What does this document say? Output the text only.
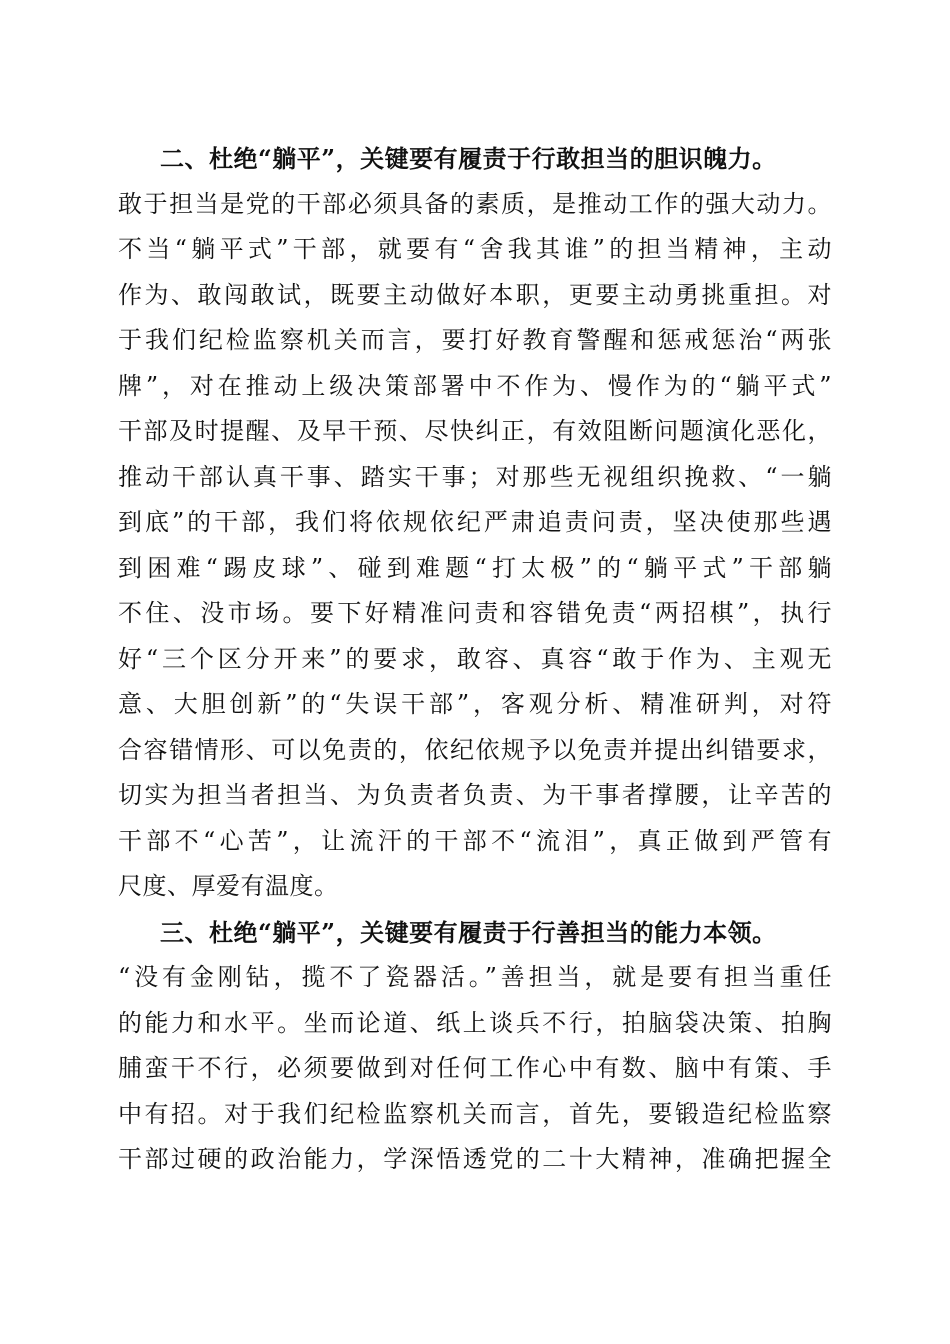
二、杜绝“躺平”，关键要有履责于行敢担当的胆识魄力。
敢于担当是党的干部必须具备的素质，是推动工作的强大动力。
不当“躺平式”干部，就要有“舍我其谁”的担当精神，主动
作为、敢闯敢试，既要主动做好本职，更要主动勇挑重担。对
于我们纪检监察机关而言，要打好教育警醒和惩戒惩治“两张
牌”，对在推动上级决策部署中不作为、慢作为的“躺平式”
干部及时提醒、及早干预、尽快纠正，有效阻断问题演化恶化，
推动干部认真干事、踏实干事；对那些无视组织挽救、“一躺
到底”的干部，我们将依规依纪严肃追责问责，坚决使那些遇
到困难“踢皮球”、碰到难题“打太极”的“躺平式”干部躺
不住、没市场。要下好精准问责和容错免责“两招棋”，执行
好“三个区分开来”的要求，敢容、真容“敢于作为、主观无
意、大胆创新”的“失误干部”，客观分析、精准研判，对符
合容错情形、可以免责的，依纪依规予以免责并提出纠错要求，
切实为担当者担当、为负责者负责、为干事者撑腰，让辛苦的
干部不“心苦”，让流汗的干部不“流泪”，真正做到严管有
尺度、厚爱有温度。
三、杜绝“躺平”，关键要有履责于行善担当的能力本领。
“没有金刚钻，揽不了瓷器活。”善担当，就是要有担当重任
的能力和水平。坐而论道、纸上谈兵不行，拍脑袋决策、拍胸
脯蛮干不行，必须要做到对任何工作心中有数、脑中有策、手
中有招。对于我们纪检监察机关而言，首先，要锻造纪检监察
干部过硬的政治能力，学深悟透党的二十大精神，准确把握全
